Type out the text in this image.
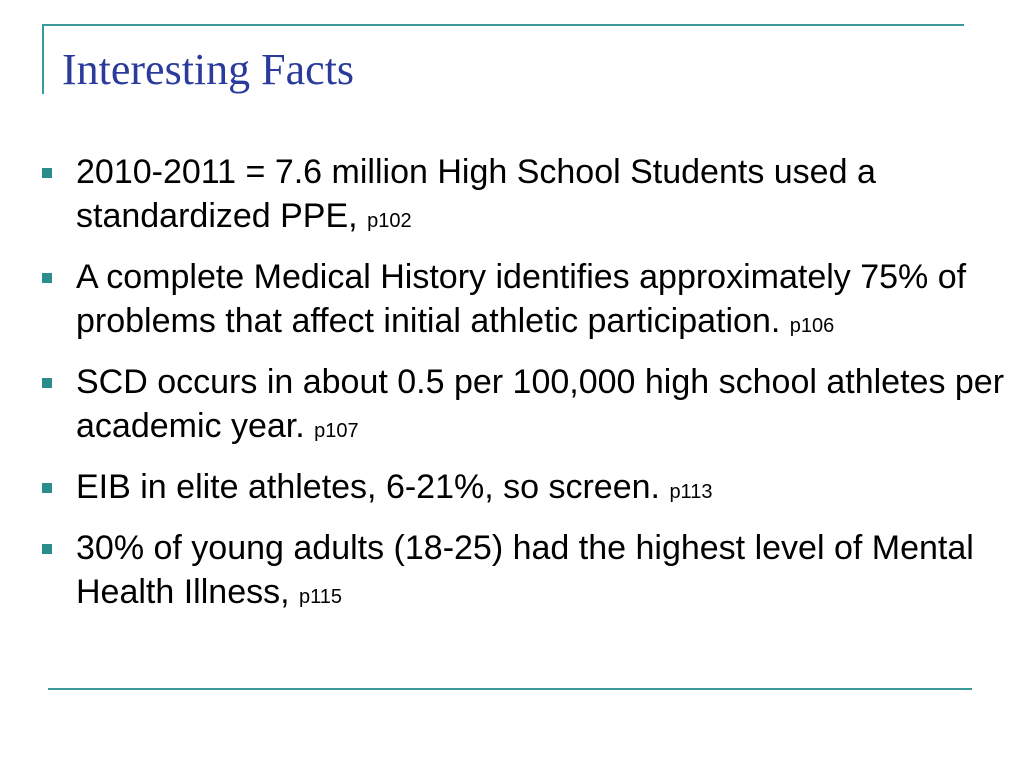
Interesting Facts
2010-2011 = 7.6 million High School Students used a standardized PPE, p102
A complete Medical History identifies approximately 75% of problems that affect initial athletic participation. p106
SCD occurs in about 0.5 per 100,000 high school athletes per academic year. p107
EIB in elite athletes, 6-21%, so screen. p113
30% of young adults (18-25) had the highest level of Mental Health Illness, p115
